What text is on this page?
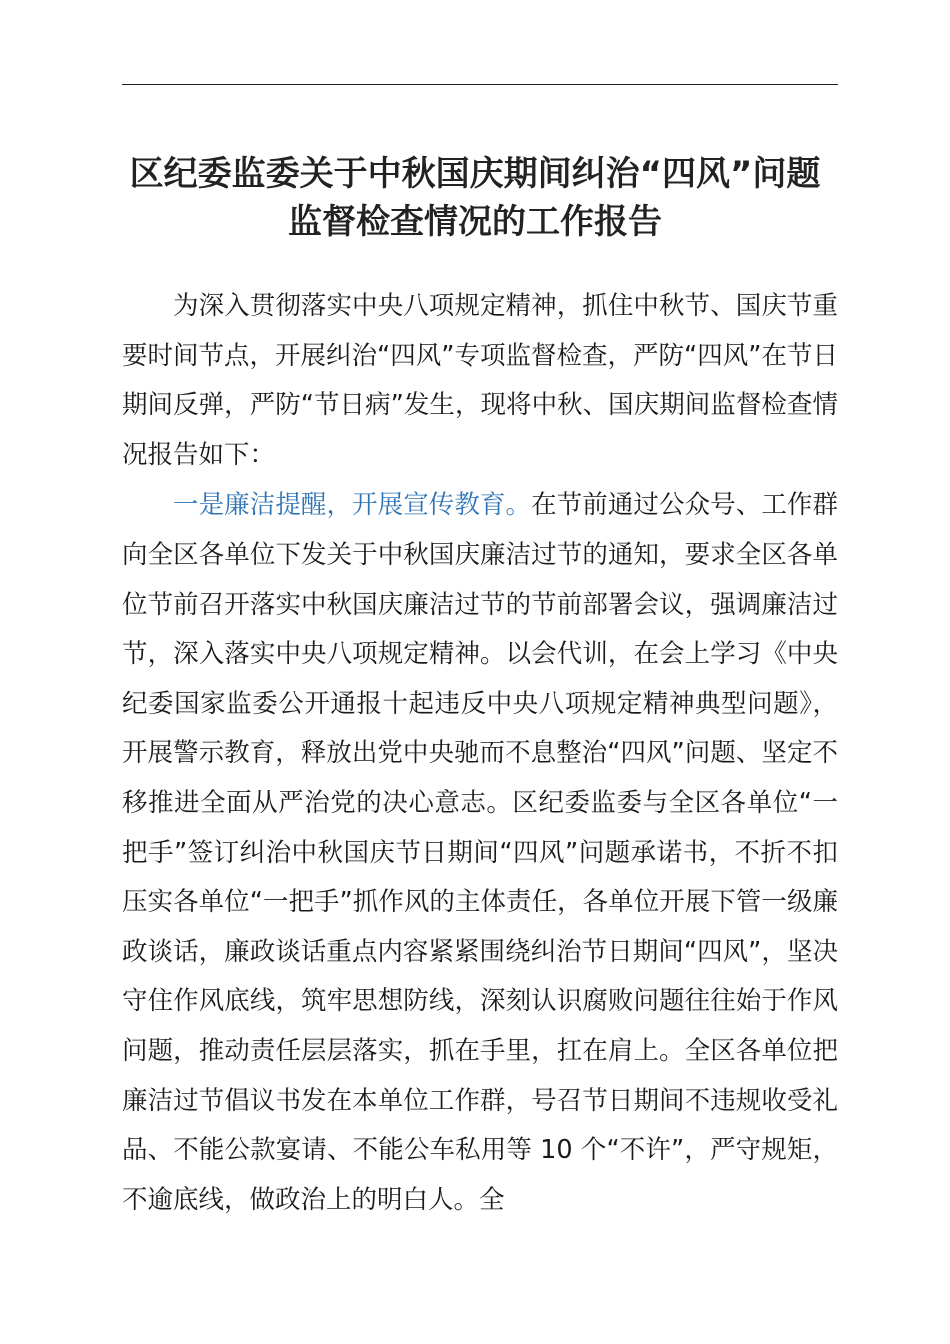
区纪委监委关于中秋国庆期间纠治“四风”问题
监督检查情况的工作报告

为深入贯彻落实中央八项规定精神，抓住中秋节、国庆节重要时间节点，开展纠治“四风”专项监督检查，严防“四风”在节日期间反弹，严防“节日病”发生，现将中秋、国庆期间监督检查情况报告如下：

一是廉洁提醒，开展宣传教育。在节前通过公众号、工作群向全区各单位下发关于中秋国庆廉洁过节的通知，要求全区各单位节前召开落实中秋国庆廉洁过节的节前部署会议，强调廉洁过节，深入落实中央八项规定精神。以会代训，在会上学习《中央纪委国家监委公开通报十起违反中央八项规定精神典型问题》，开展警示教育，释放出党中央驰而不息整治“四风”问题、坚定不移推进全面从严治党的决心意志。区纪委监委与全区各单位“一把手”签订纠治中秋国庆节日期间“四风”问题承诺书，不折不扣压实各单位“一把手”抓作风的主体责任，各单位开展下管一级廉政谈话，廉政谈话重点内容紧紧围绕纠治节日期间“四风”，坚决守住作风底线，筑牢思想防线，深刻认识腐败问题往往始于作风问题，推动责任层层落实，抓在手里，扛在肩上。全区各单位把廉洁过节倡议书发在本单位工作群，号召节日期间不违规收受礼品、不能公款宴请、不能公车私用等 10 个“不许”，严守规矩，不逾底线，做政治上的明白人。全
